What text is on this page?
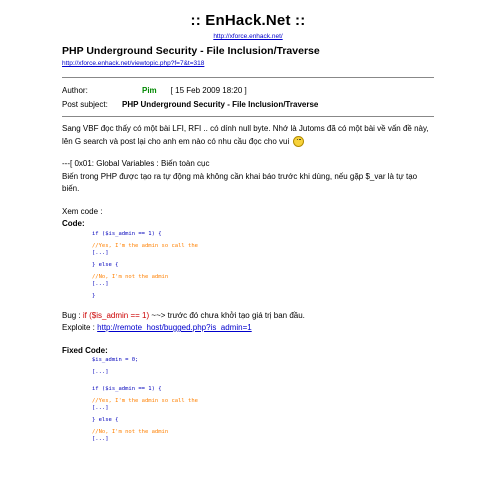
:: EnHack.Net ::
http://xforce.enhack.net/
PHP Underground Security - File Inclusion/Traverse
http://xforce.enhack.net/viewtopic.php?f=7&t=318
Author:	Pim [ 15 Feb 2009 18:20 ]
Post subject:	PHP Underground Security - File Inclusion/Traverse
Sang VBF đọc thấy có một bài LFI, RFI .. có dính null byte. Nhớ là Jutoms đã có một bài về vấn đề này, lên G search và post lại cho anh em nào có nhu cầu đọc cho vui
---[ 0x01: Global Variables : Biến toàn cục
Biến trong PHP được tạo ra tự động mà không cần khai báo trước khi dùng, nếu gặp $_var là tự tạo biến.
Xem code :
Code:
if ($is_admin == 1) {
//Yes, I'm the admin so call the
[...]
} else {
//No, I'm not the admin
[...]
}
Bug : if ($is_admin == 1) ~~> trước đó chưa khởi tạo giá trị ban đầu.
Exploite : http://remote_host/bugged.php?is_admin=1
Fixed Code:
$is_admin = 0;
[...]
if ($is_admin == 1) {
//Yes, I'm the admin so call the
[...]
} else {
//No, I'm not the admin
[...]
